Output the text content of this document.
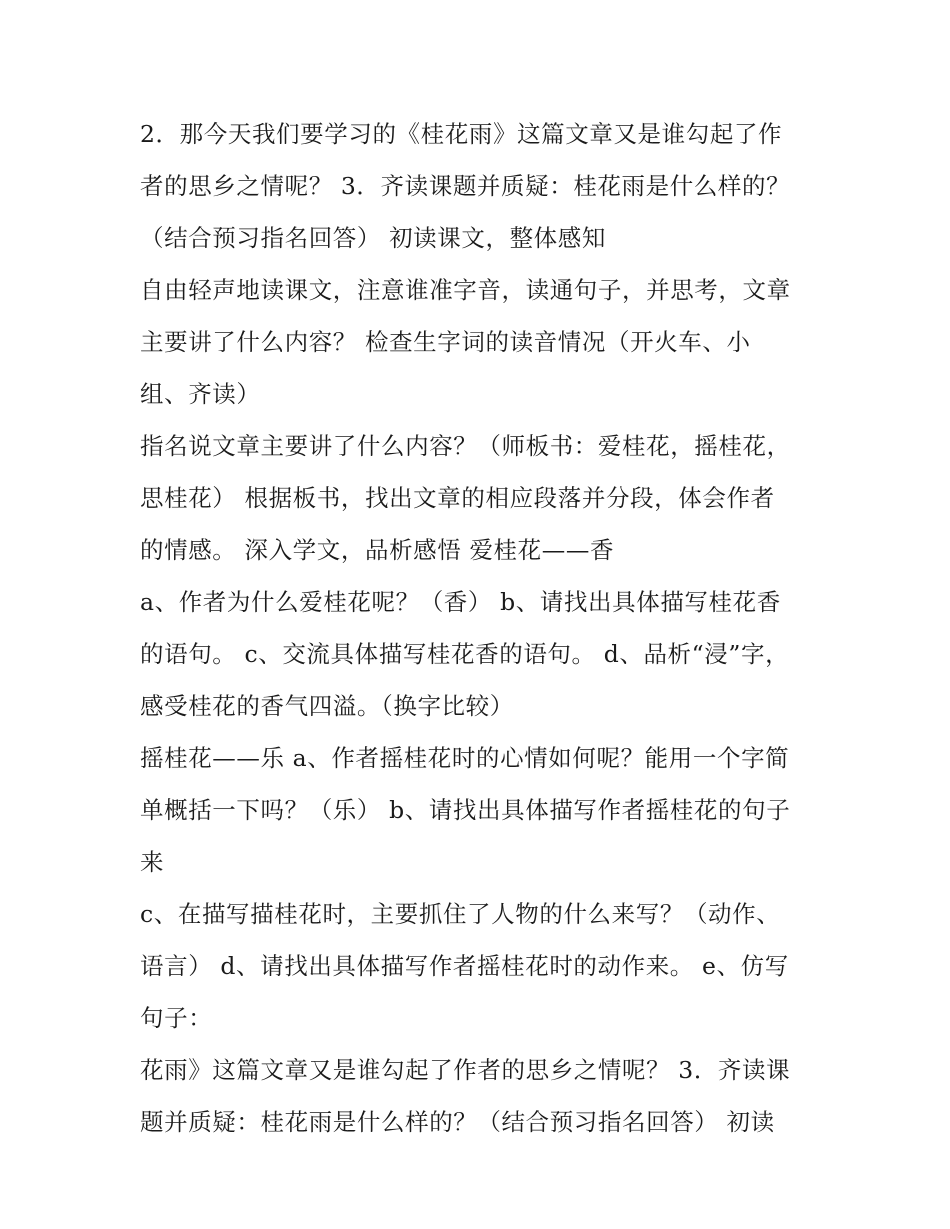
2．那今天我们要学习的《桂花雨》这篇文章又是谁勾起了作
者的思乡之情呢？ 3．齐读课题并质疑：桂花雨是什么样的？
（结合预习指名回答） 初读课文，整体感知
自由轻声地读课文，注意谁准字音，读通句子，并思考，文章
主要讲了什么内容？ 检查生字词的读音情况（开火车、小
组、齐读）
指名说文章主要讲了什么内容？（师板书：爱桂花，摇桂花，
思桂花） 根据板书，找出文章的相应段落并分段，体会作者
的情感。 深入学文，品析感悟 爱桂花——香
a、作者为什么爱桂花呢？（香） b、请找出具体描写桂花香
的语句。 c、交流具体描写桂花香的语句。 d、品析“浸”字，
感受桂花的香气四溢。（换字比较）
摇桂花——乐 a、作者摇桂花时的心情如何呢？能用一个字简
单概括一下吗？（乐） b、请找出具体描写作者摇桂花的句子
来
c、在描写描桂花时，主要抓住了人物的什么来写？（动作、
语言） d、请找出具体描写作者摇桂花时的动作来。 e、仿写
句子：
花雨》这篇文章又是谁勾起了作者的思乡之情呢？ 3．齐读课
题并质疑：桂花雨是什么样的？（结合预习指名回答） 初读
